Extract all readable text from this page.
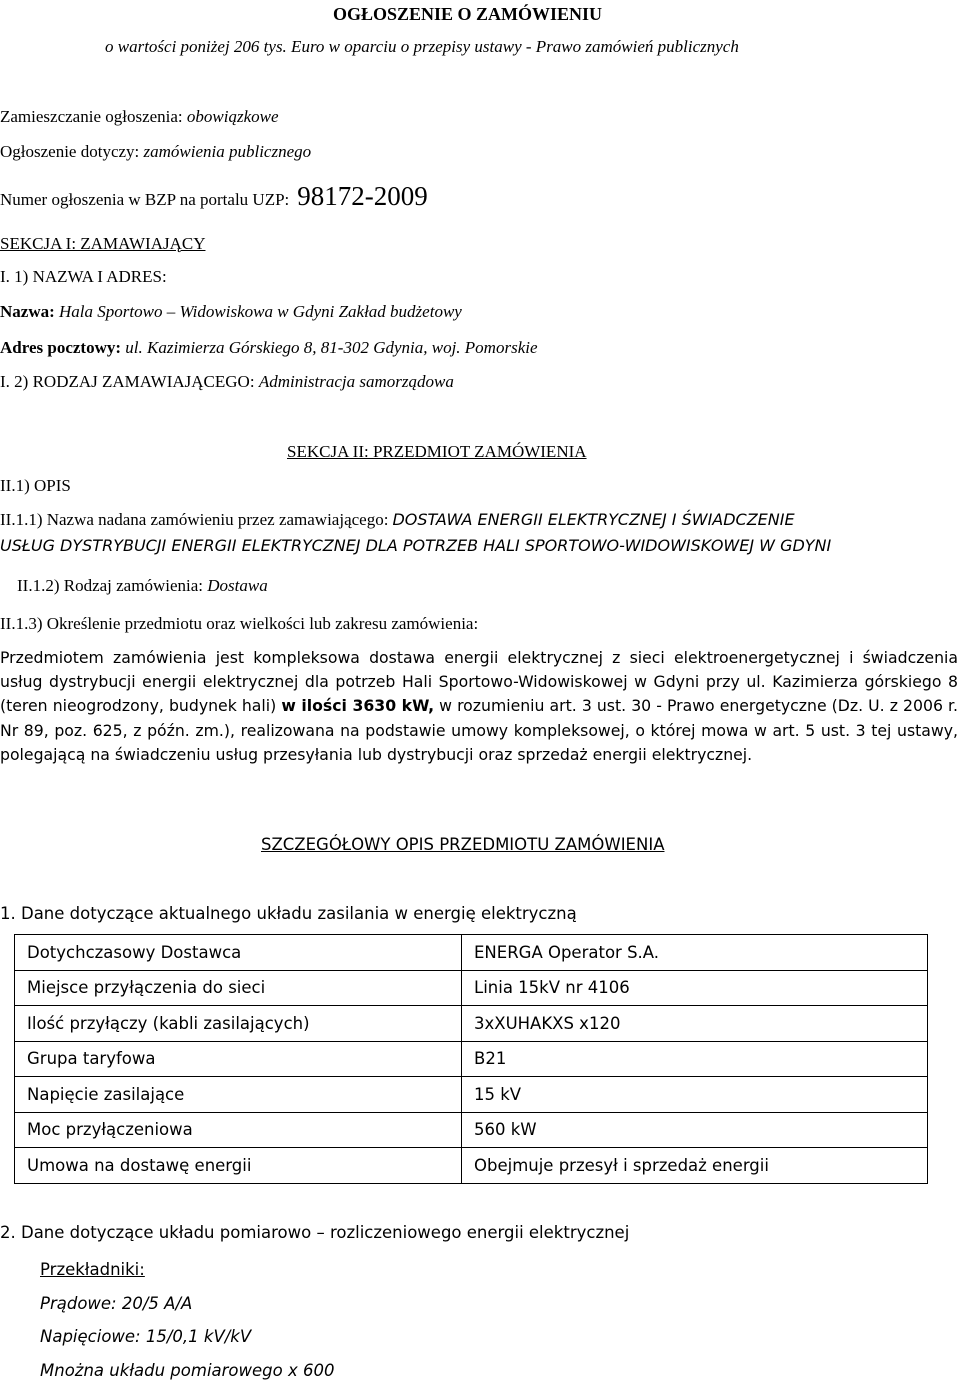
OGŁOSZENIE O ZAMÓWIENIU
o wartości poniżej 206 tys. Euro w oparciu o przepisy ustawy - Prawo zamówień publicznych
Zamieszczanie ogłoszenia: obowiązkowe
Ogłoszenie dotyczy: zamówienia publicznego
Numer ogłoszenia w BZP na portalu UZP: 98172-2009
SEKCJA I: ZAMAWIAJĄCY
I. 1) NAZWA I ADRES:
Nazwa: Hala Sportowo – Widowiskowa w Gdyni Zakład budżetowy
Adres pocztowy: ul. Kazimierza Górskiego 8, 81-302 Gdynia, woj. Pomorskie
I. 2) RODZAJ ZAMAWIAJĄCEGO: Administracja samorządowa
SEKCJA II: PRZEDMIOT ZAMÓWIENIA
II.1) OPIS
II.1.1) Nazwa nadana zamówieniu przez zamawiającego: DOSTAWA ENERGII ELEKTRYCZNEJ I ŚWIADCZENIE
USŁUG DYSTRYBUCJI ENERGII ELEKTRYCZNEJ DLA POTRZEB HALI SPORTOWO-WIDOWISKOWEJ W GDYNI
II.1.2) Rodzaj zamówienia: Dostawa
II.1.3) Określenie przedmiotu oraz wielkości lub zakresu zamówienia:
Przedmiotem zamówienia jest kompleksowa dostawa energii elektrycznej z sieci elektroenergetycznej i świadczenia usług dystrybucji energii elektrycznej dla potrzeb Hali Sportowo-Widowiskowej w Gdyni przy ul. Kazimierza górskiego 8 (teren nieogrodzony, budynek hali) w ilości 3630 kW, w rozumieniu art. 3 ust. 30 - Prawo energetyczne (Dz. U. z 2006 r. Nr 89, poz. 625, z późn. zm.), realizowana na podstawie umowy kompleksowej, o której mowa w art. 5 ust. 3 tej ustawy, polegającą na świadczeniu usług przesyłania lub dystrybucji oraz sprzedaż energii elektrycznej.
SZCZEGÓŁOWY OPIS PRZEDMIOTU ZAMÓWIENIA
1. Dane dotyczące aktualnego układu zasilania w energię elektryczną
Dotychczasowy Dostawca	ENERGA Operator S.A.
Miejsce przyłączenia do sieci	Linia 15kV nr 4106
Ilość przyłączy (kabli zasilających)	3xXUHAKXS x120
Grupa taryfowa	B21
Napięcie zasilające	15 kV
Moc przyłączeniowa	560 kW
Umowa na dostawę energii	Obejmuje przesył i sprzedaż energii
2. Dane dotyczące układu pomiarowo – rozliczeniowego energii elektrycznej
Przekładniki:
Prądowe: 20/5 A/A
Napięciowe: 15/0,1 kV/kV
Mnożna układu pomiarowego x 600
